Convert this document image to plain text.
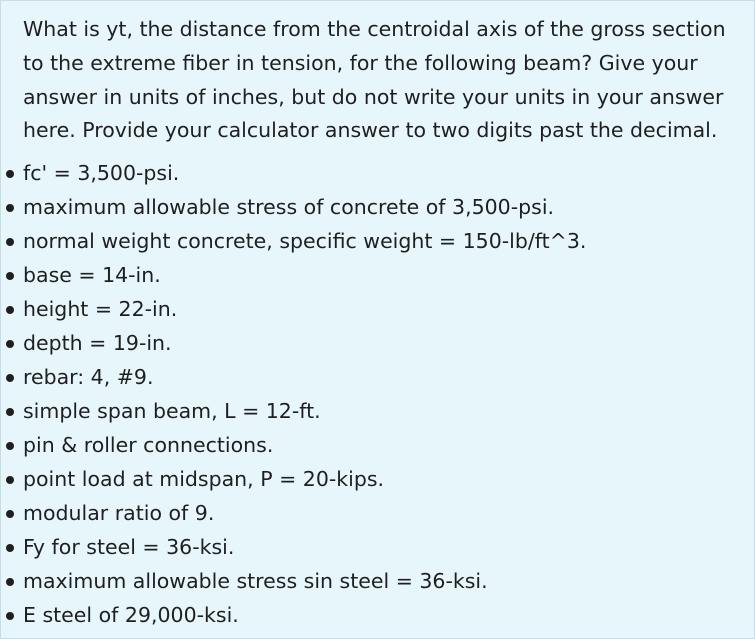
What is yt, the distance from the centroidal axis of the gross section to the extreme fiber in tension, for the following beam? Give your answer in units of inches, but do not write your units in your answer here. Provide your calculator answer to two digits past the decimal.

fc' = 3,500-psi.
maximum allowable stress of concrete of 3,500-psi.
normal weight concrete, specific weight = 150-lb/ft^3.
base = 14-in.
height = 22-in.
depth = 19-in.
rebar: 4, #9.
simple span beam, L = 12-ft.
pin & roller connections.
point load at midspan, P = 20-kips.
modular ratio of 9.
Fy for steel = 36-ksi.
maximum allowable stress sin steel = 36-ksi.
E steel of 29,000-ksi.
